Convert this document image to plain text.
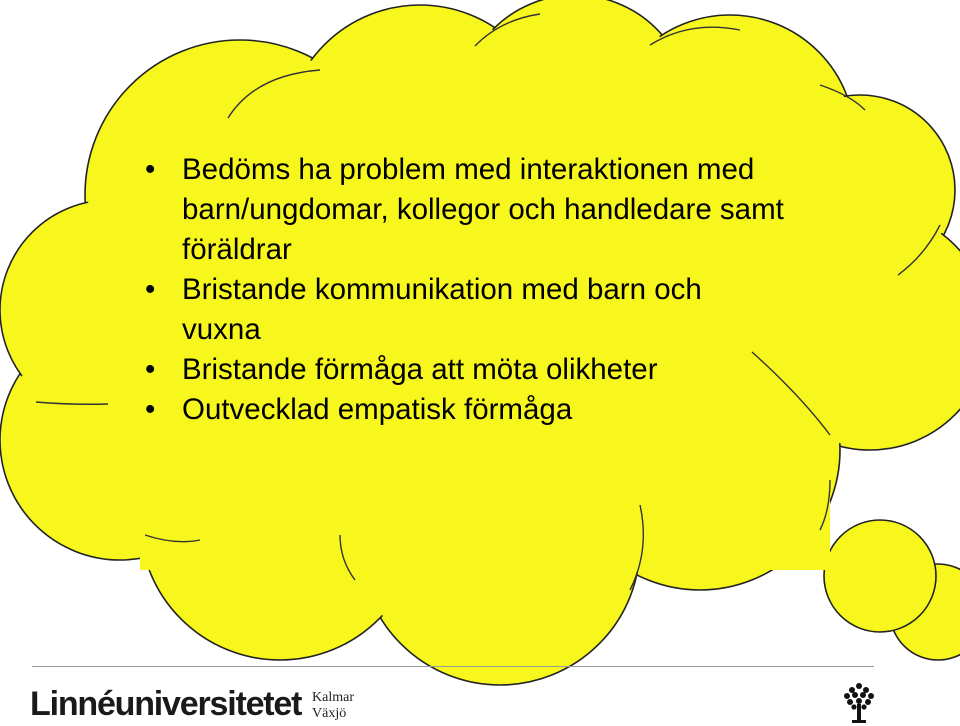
• Bedöms ha problem med interaktionen med barn/ungdomar, kollegor och handledare samt föräldrar
• Bristande kommunikation med barn och vuxna
• Bristande förmåga att möta olikheter
• Outvecklad empatisk förmåga
Linnéuniversitetet Kalmar
Växjö
